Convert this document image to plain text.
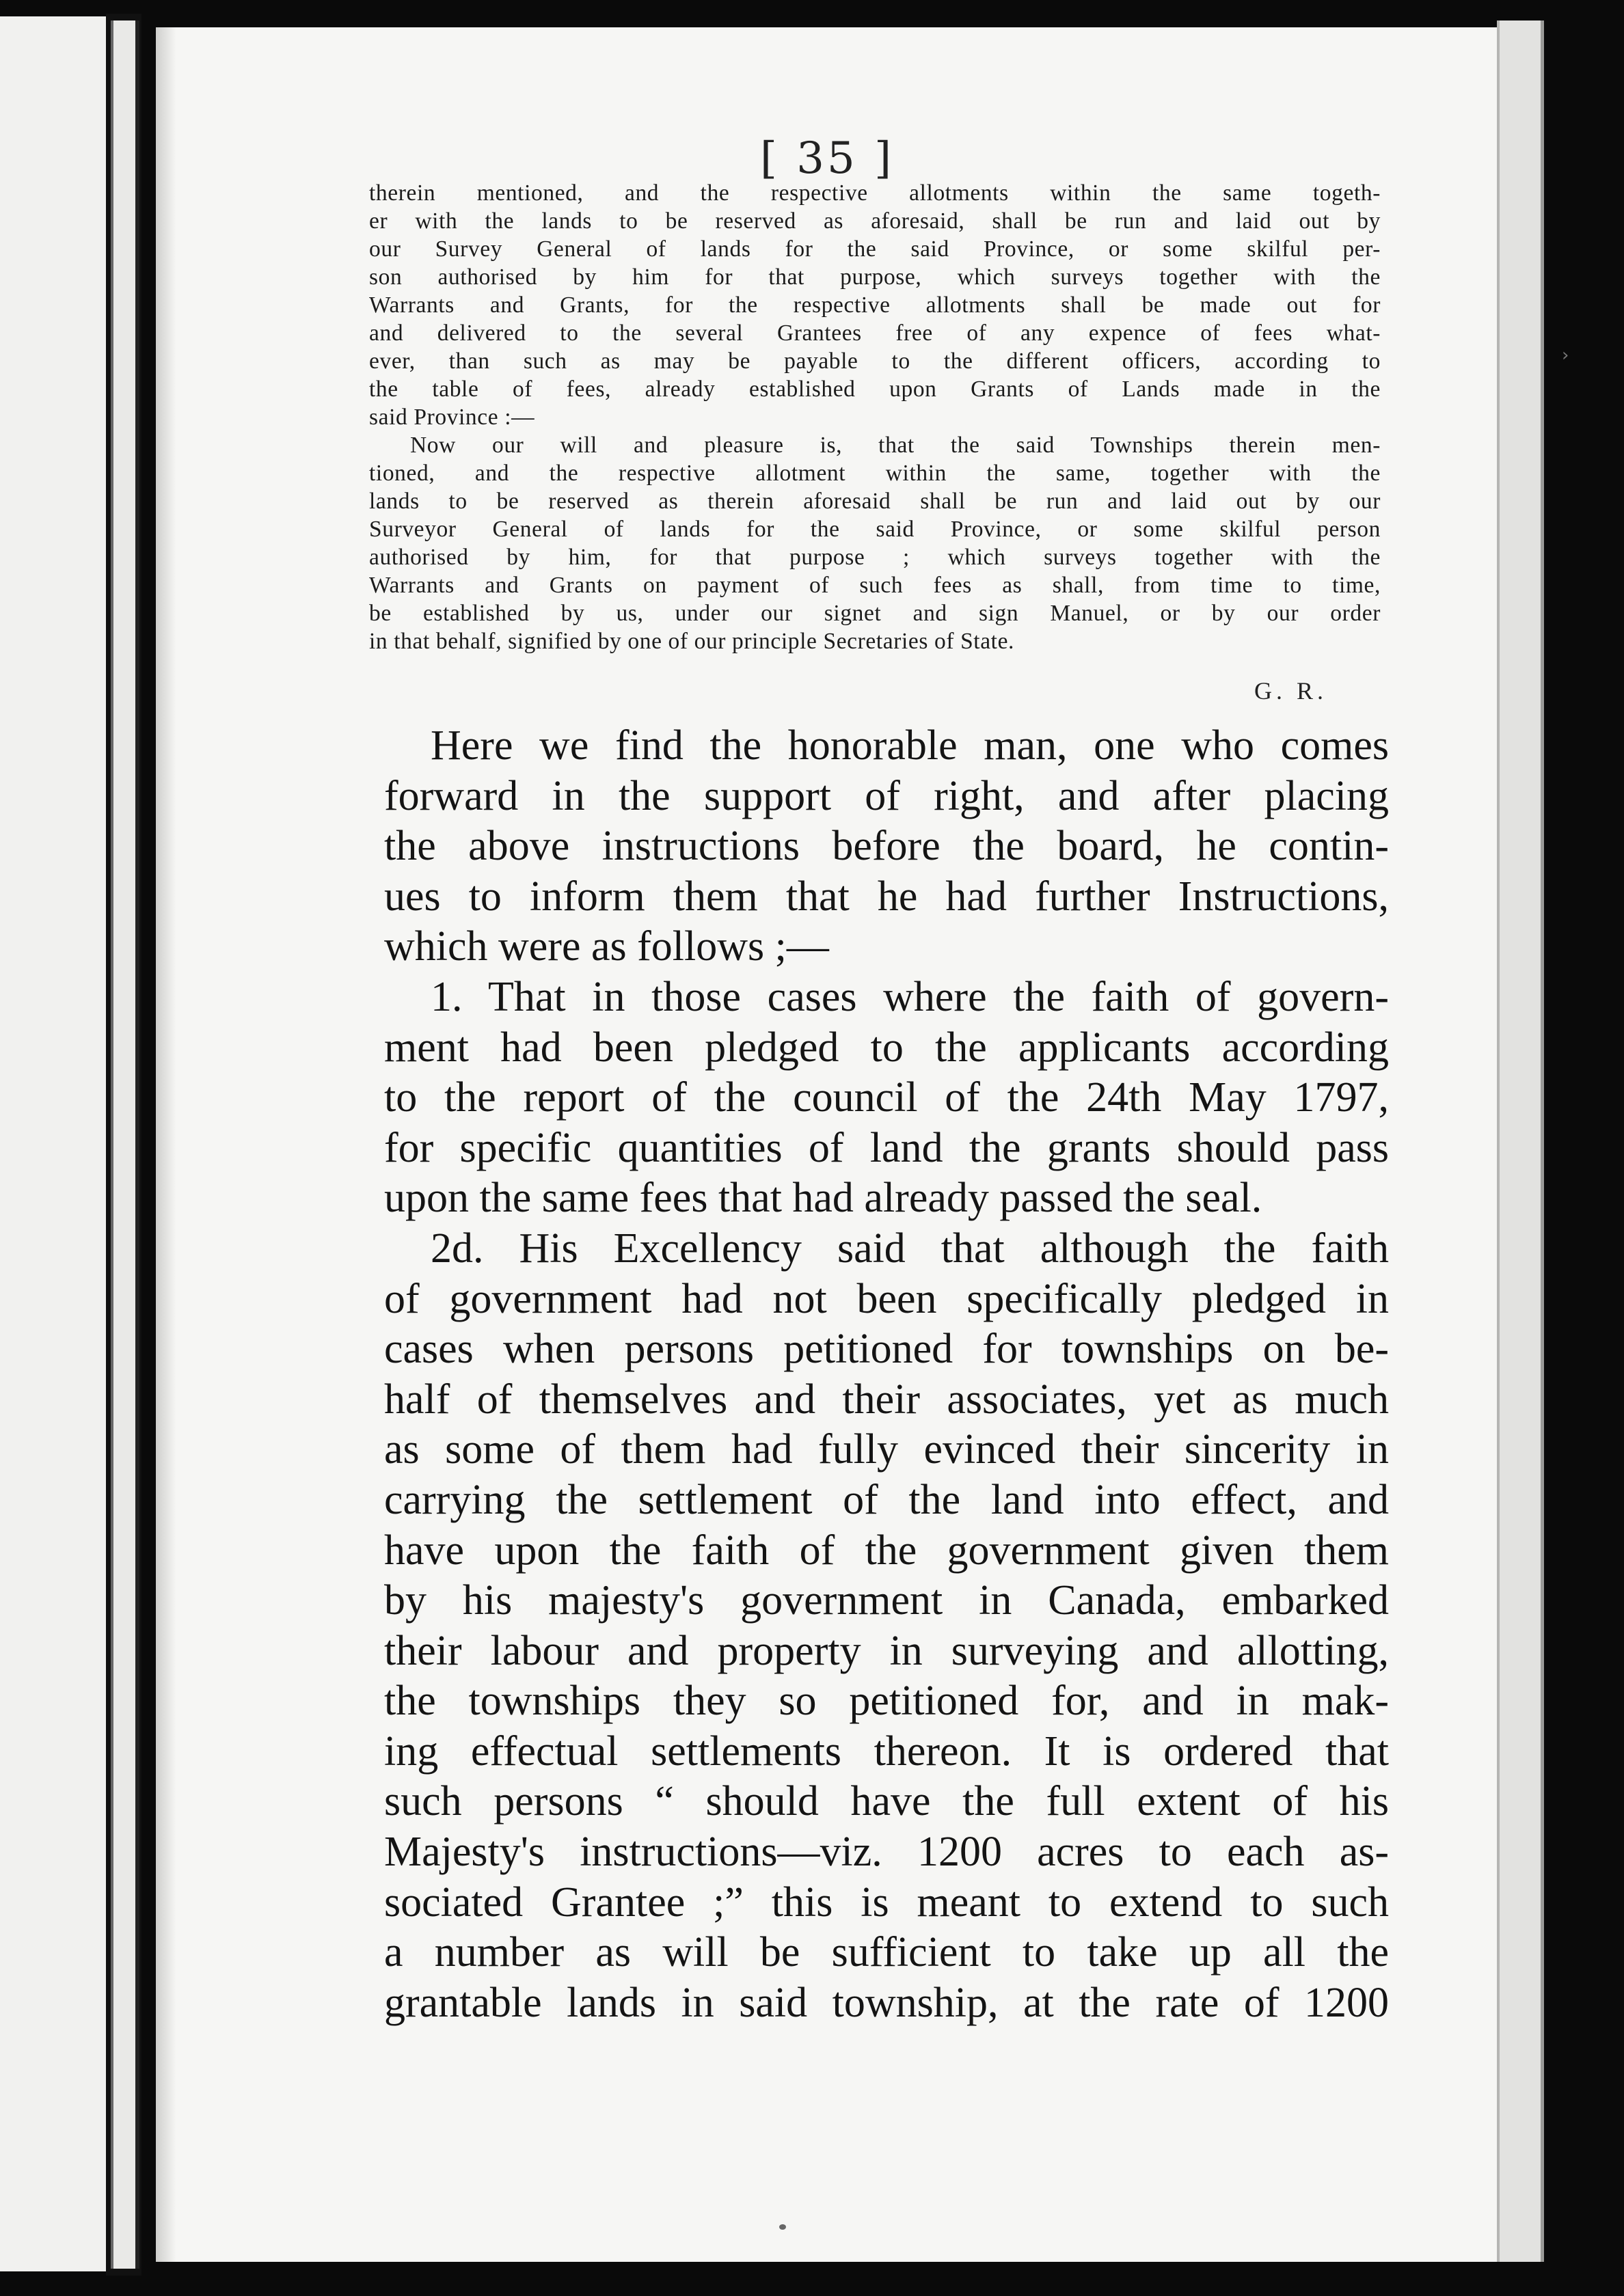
›
[ 35 ]
therein mentioned, and the respective allotments within the same togeth-
er with the lands to be reserved as aforesaid, shall be run and laid out by
our Survey General of lands for the said Province, or some skilful per-
son authorised by him for that purpose, which surveys together with the
Warrants and Grants, for the respective allotments shall be made out for
and delivered to the several Grantees free of any expence of fees what-
ever, than such as may be payable to the different officers, according to
the table of fees, already established upon Grants of Lands made in the
said Province :—
Now our will and pleasure is, that the said Townships therein men-
tioned, and the respective allotment within the same, together with the
lands to be reserved as therein aforesaid shall be run and laid out by our
Surveyor General of lands for the said Province, or some skilful person
authorised by him, for that purpose ; which surveys together with the
Warrants and Grants on payment of such fees as shall, from time to time,
be established by us, under our signet and sign Manuel, or by our order
in that behalf, signified by one of our principle Secretaries of State.
G. R.
Here we find the honorable man, one who comes
forward in the support of right, and after placing
the above instructions before the board, he contin-
ues to inform them that he had further Instructions,
which were as follows ;—
1. That in those cases where the faith of govern-
ment had been pledged to the applicants according
to the report of the council of the 24th May 1797,
for specific quantities of land the grants should pass
upon the same fees that had already passed the seal.
2d. His Excellency said that although the faith
of government had not been specifically pledged in
cases when persons petitioned for townships on be-
half of themselves and their associates, yet as much
as some of them had fully evinced their sincerity in
carrying the settlement of the land into effect, and
have upon the faith of the government given them
by his majesty's government in Canada, embarked
their labour and property in surveying and allotting,
the townships they so petitioned for, and in mak-
ing effectual settlements thereon. It is ordered that
such persons “ should have the full extent of his
Majesty's instructions—viz. 1200 acres to each as-
sociated Grantee ;” this is meant to extend to such
a number as will be sufficient to take up all the
grantable lands in said township, at the rate of 1200
